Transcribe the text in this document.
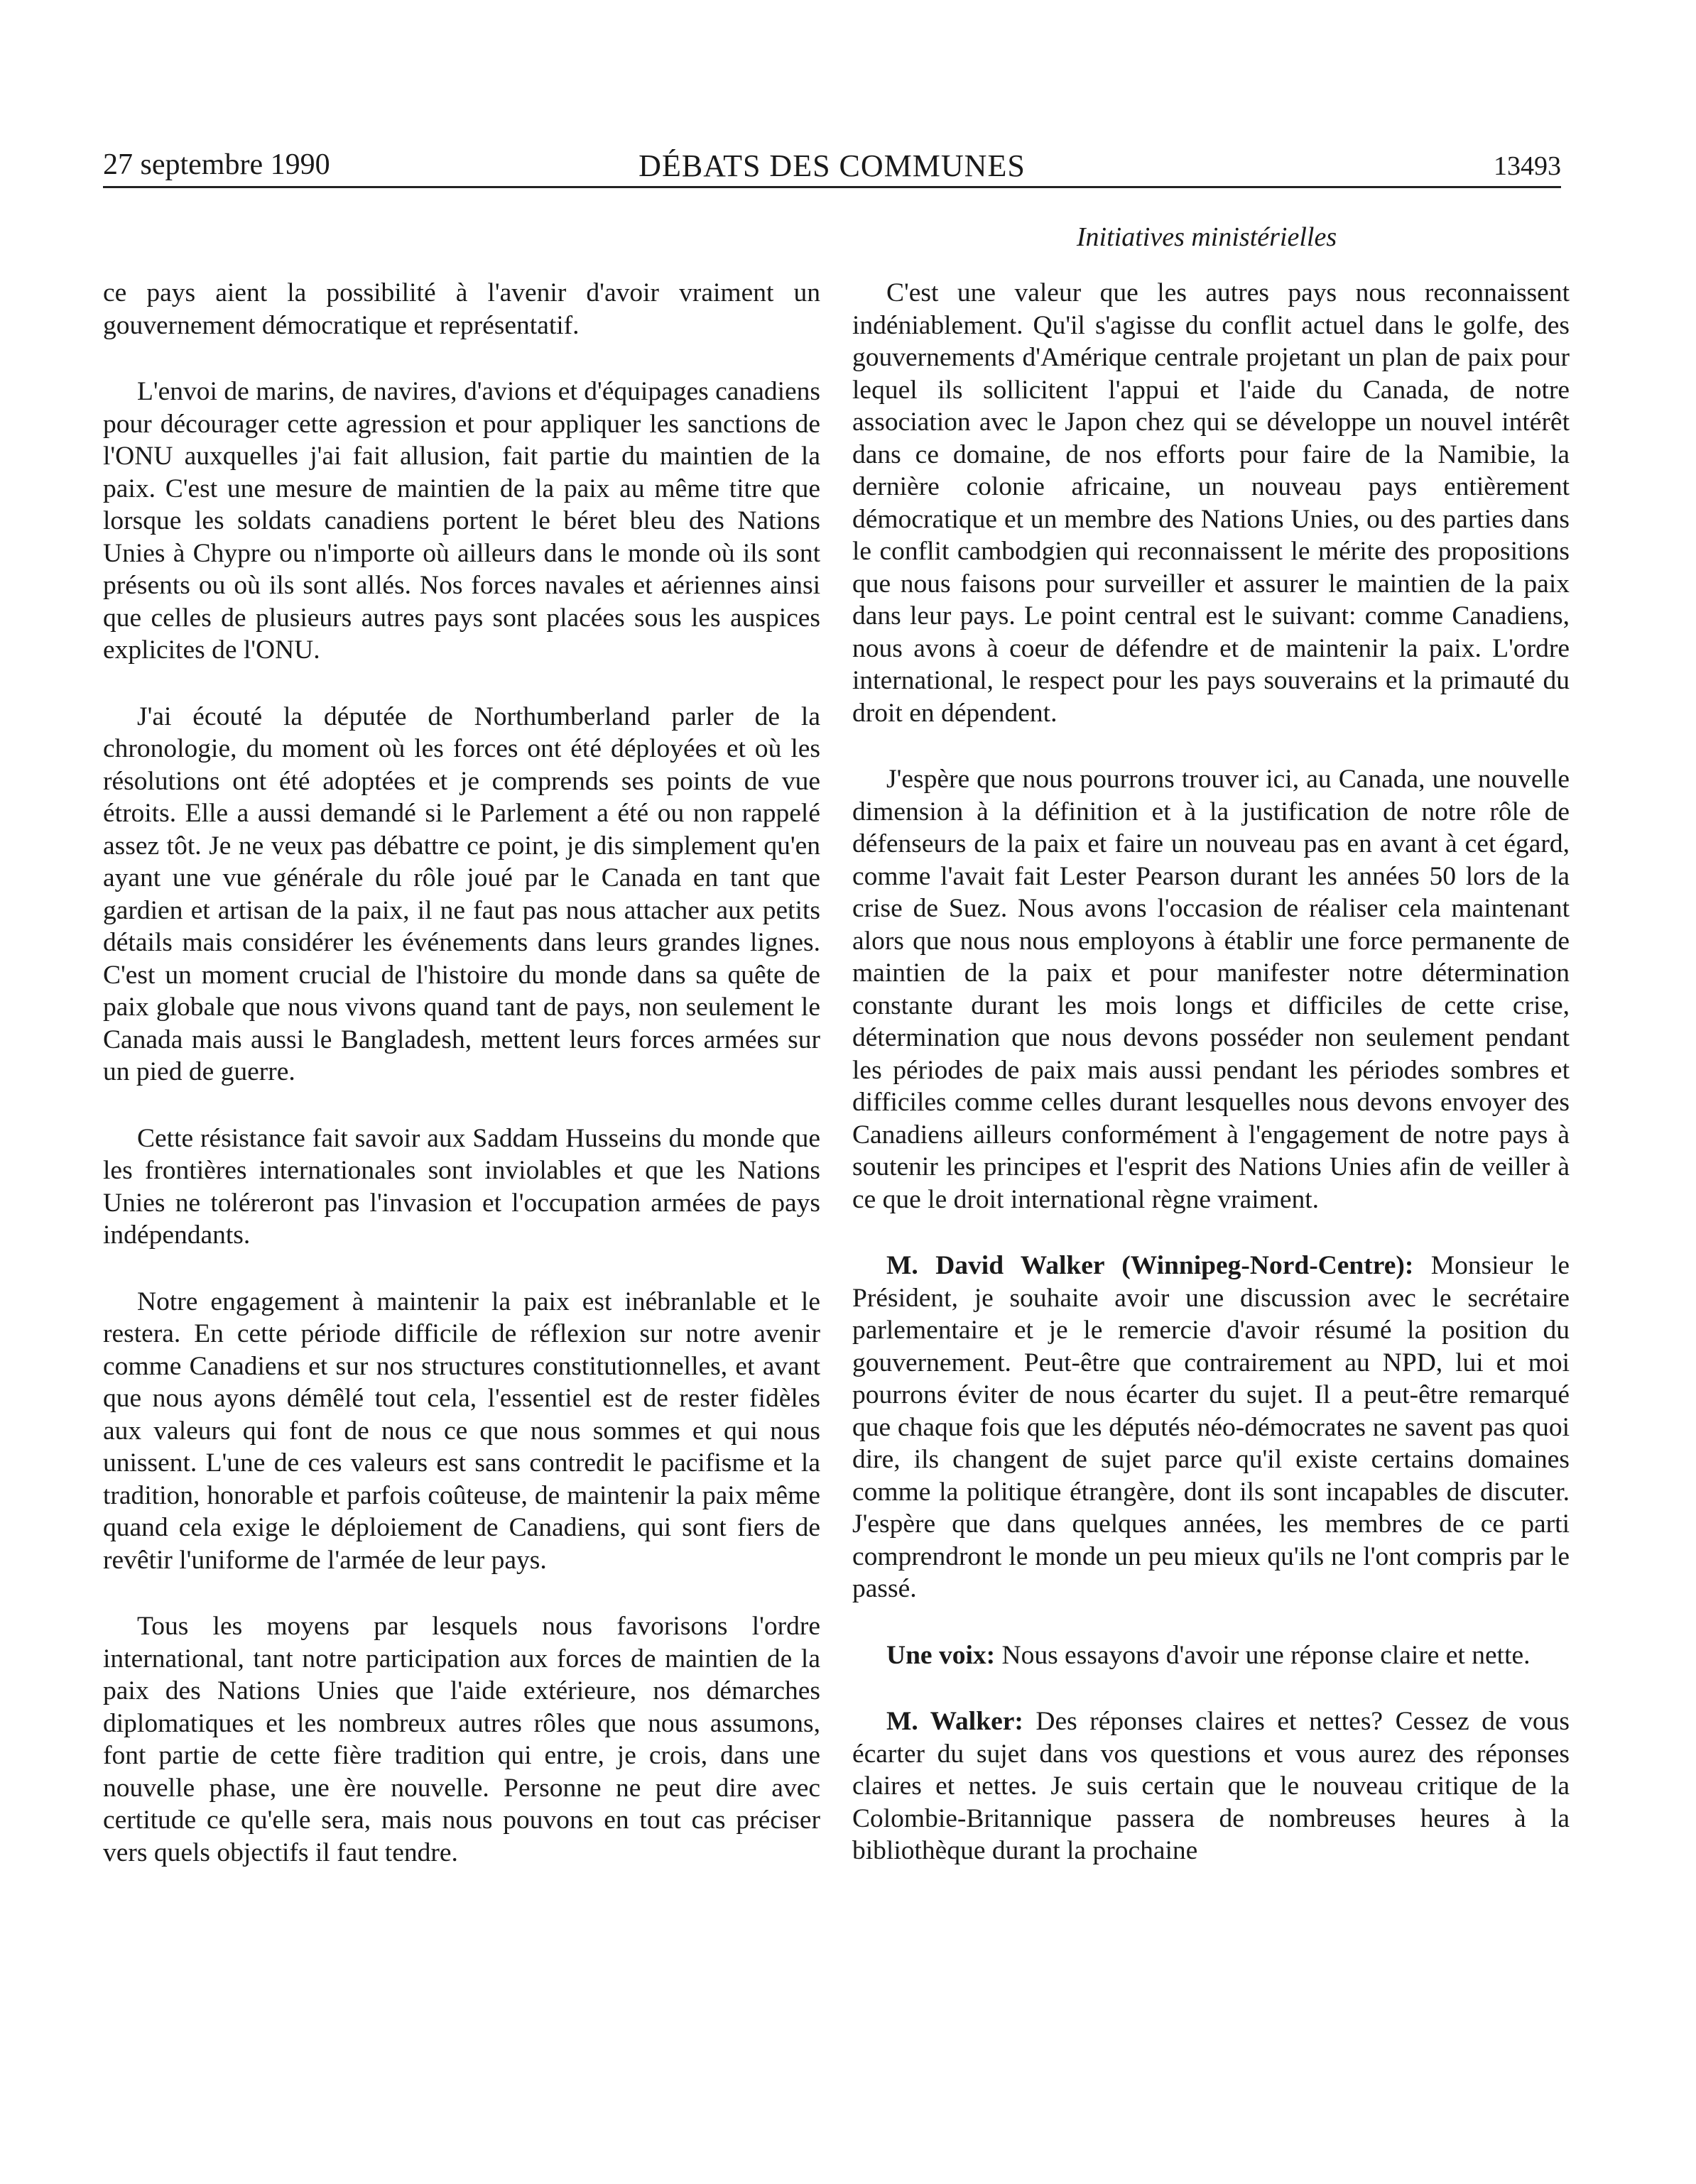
27 septembre 1990	DÉBATS DES COMMUNES	13493
Initiatives ministérielles

ce pays aient la possibilité à l'avenir d'avoir vraiment un gouvernement démocratique et représentatif.

L'envoi de marins, de navires, d'avions et d'équipages canadiens pour décourager cette agression et pour appliquer les sanctions de l'ONU auxquelles j'ai fait allusion, fait partie du maintien de la paix. C'est une mesure de maintien de la paix au même titre que lorsque les soldats canadiens portent le béret bleu des Nations Unies à Chypre ou n'importe où ailleurs dans le monde où ils sont présents ou où ils sont allés. Nos forces navales et aériennes ainsi que celles de plusieurs autres pays sont placées sous les auspices explicites de l'ONU.

J'ai écouté la députée de Northumberland parler de la chronologie, du moment où les forces ont été déployées et où les résolutions ont été adoptées et je comprends ses points de vue étroits. Elle a aussi demandé si le Parlement a été ou non rappelé assez tôt. Je ne veux pas débattre ce point, je dis simplement qu'en ayant une vue générale du rôle joué par le Canada en tant que gardien et artisan de la paix, il ne faut pas nous attacher aux petits détails mais considérer les événements dans leurs grandes lignes. C'est un moment crucial de l'histoire du monde dans sa quête de paix globale que nous vivons quand tant de pays, non seulement le Canada mais aussi le Bangladesh, mettent leurs forces armées sur un pied de guerre.

Cette résistance fait savoir aux Saddam Husseins du monde que les frontières internationales sont inviolables et que les Nations Unies ne toléreront pas l'invasion et l'occupation armées de pays indépendants.

Notre engagement à maintenir la paix est inébranlable et le restera. En cette période difficile de réflexion sur notre avenir comme Canadiens et sur nos structures constitutionnelles, et avant que nous ayons démêlé tout cela, l'essentiel est de rester fidèles aux valeurs qui font de nous ce que nous sommes et qui nous unissent. L'une de ces valeurs est sans contredit le pacifisme et la tradition, honorable et parfois coûteuse, de maintenir la paix même quand cela exige le déploiement de Canadiens, qui sont fiers de revêtir l'uniforme de l'armée de leur pays.

Tous les moyens par lesquels nous favorisons l'ordre international, tant notre participation aux forces de maintien de la paix des Nations Unies que l'aide extérieure, nos démarches diplomatiques et les nombreux autres rôles que nous assumons, font partie de cette fière tradition qui entre, je crois, dans une nouvelle phase, une ère nouvelle. Personne ne peut dire avec certitude ce qu'elle sera, mais nous pouvons en tout cas préciser vers quels objectifs il faut tendre.

C'est une valeur que les autres pays nous reconnaissent indéniablement. Qu'il s'agisse du conflit actuel dans le golfe, des gouvernements d'Amérique centrale projetant un plan de paix pour lequel ils sollicitent l'appui et l'aide du Canada, de notre association avec le Japon chez qui se développe un nouvel intérêt dans ce domaine, de nos efforts pour faire de la Namibie, la dernière colonie africaine, un nouveau pays entièrement démocratique et un membre des Nations Unies, ou des parties dans le conflit cambodgien qui reconnaissent le mérite des propositions que nous faisons pour surveiller et assurer le maintien de la paix dans leur pays. Le point central est le suivant: comme Canadiens, nous avons à coeur de défendre et de maintenir la paix. L'ordre international, le respect pour les pays souverains et la primauté du droit en dépendent.

J'espère que nous pourrons trouver ici, au Canada, une nouvelle dimension à la définition et à la justification de notre rôle de défenseurs de la paix et faire un nouveau pas en avant à cet égard, comme l'avait fait Lester Pearson durant les années 50 lors de la crise de Suez. Nous avons l'occasion de réaliser cela maintenant alors que nous nous employons à établir une force permanente de maintien de la paix et pour manifester notre détermination constante durant les mois longs et difficiles de cette crise, détermination que nous devons posséder non seulement pendant les périodes de paix mais aussi pendant les périodes sombres et difficiles comme celles durant lesquelles nous devons envoyer des Canadiens ailleurs conformément à l'engagement de notre pays à soutenir les principes et l'esprit des Nations Unies afin de veiller à ce que le droit international règne vraiment.

M. David Walker (Winnipeg-Nord-Centre): Monsieur le Président, je souhaite avoir une discussion avec le secrétaire parlementaire et je le remercie d'avoir résumé la position du gouvernement. Peut-être que contrairement au NPD, lui et moi pourrons éviter de nous écarter du sujet. Il a peut-être remarqué que chaque fois que les députés néo-démocrates ne savent pas quoi dire, ils changent de sujet parce qu'il existe certains domaines comme la politique étrangère, dont ils sont incapables de discuter. J'espère que dans quelques années, les membres de ce parti comprendront le monde un peu mieux qu'ils ne l'ont compris par le passé.

Une voix: Nous essayons d'avoir une réponse claire et nette.

M. Walker: Des réponses claires et nettes? Cessez de vous écarter du sujet dans vos questions et vous aurez des réponses claires et nettes. Je suis certain que le nouveau critique de la Colombie-Britannique passera de nombreuses heures à la bibliothèque durant la prochaine
